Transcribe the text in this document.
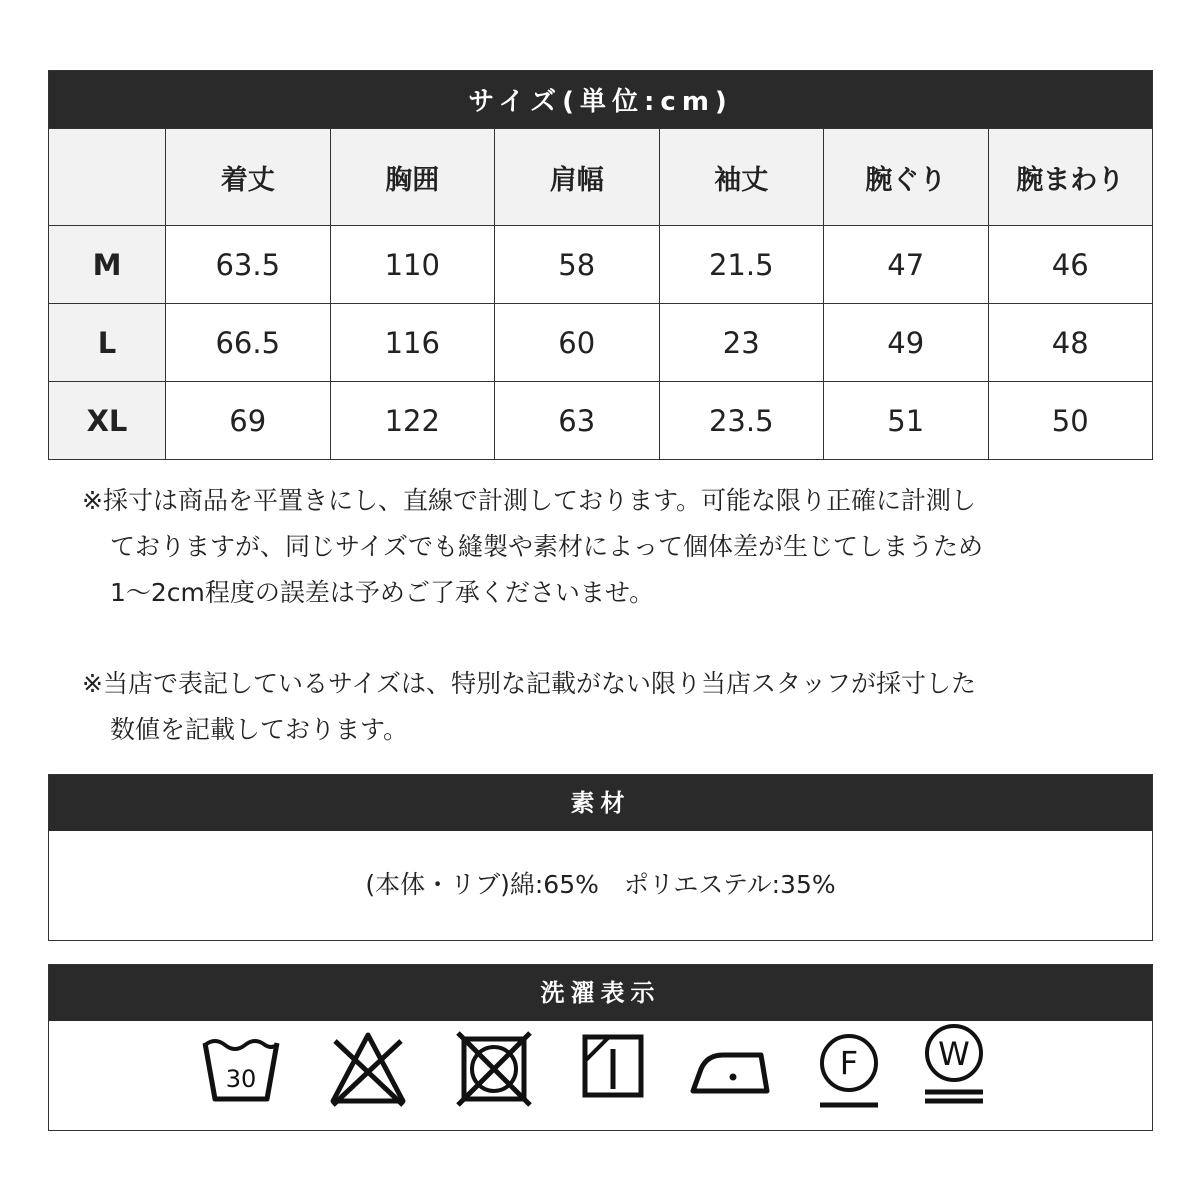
サイズ(単位:cm)						
	着丈	胸囲	肩幅	袖丈	腕ぐり	腕まわり
M	63.5	110	58	21.5	47	46
L	66.5	116	60	23	49	48
XL	69	122	63	23.5	51	50
※採寸は商品を平置きにし、直線で計測しております。可能な限り正確に計測し
ておりますが、同じサイズでも縫製や素材によって個体差が生じてしまうため
1～2cm程度の誤差は予めご了承くださいませ。
※当店で表記しているサイズは、特別な記載がない限り当店スタッフが採寸した
数値を記載しております。
素材
(本体・リブ)綿:65%　ポリエステル:35%
洗濯表示
30	F W
